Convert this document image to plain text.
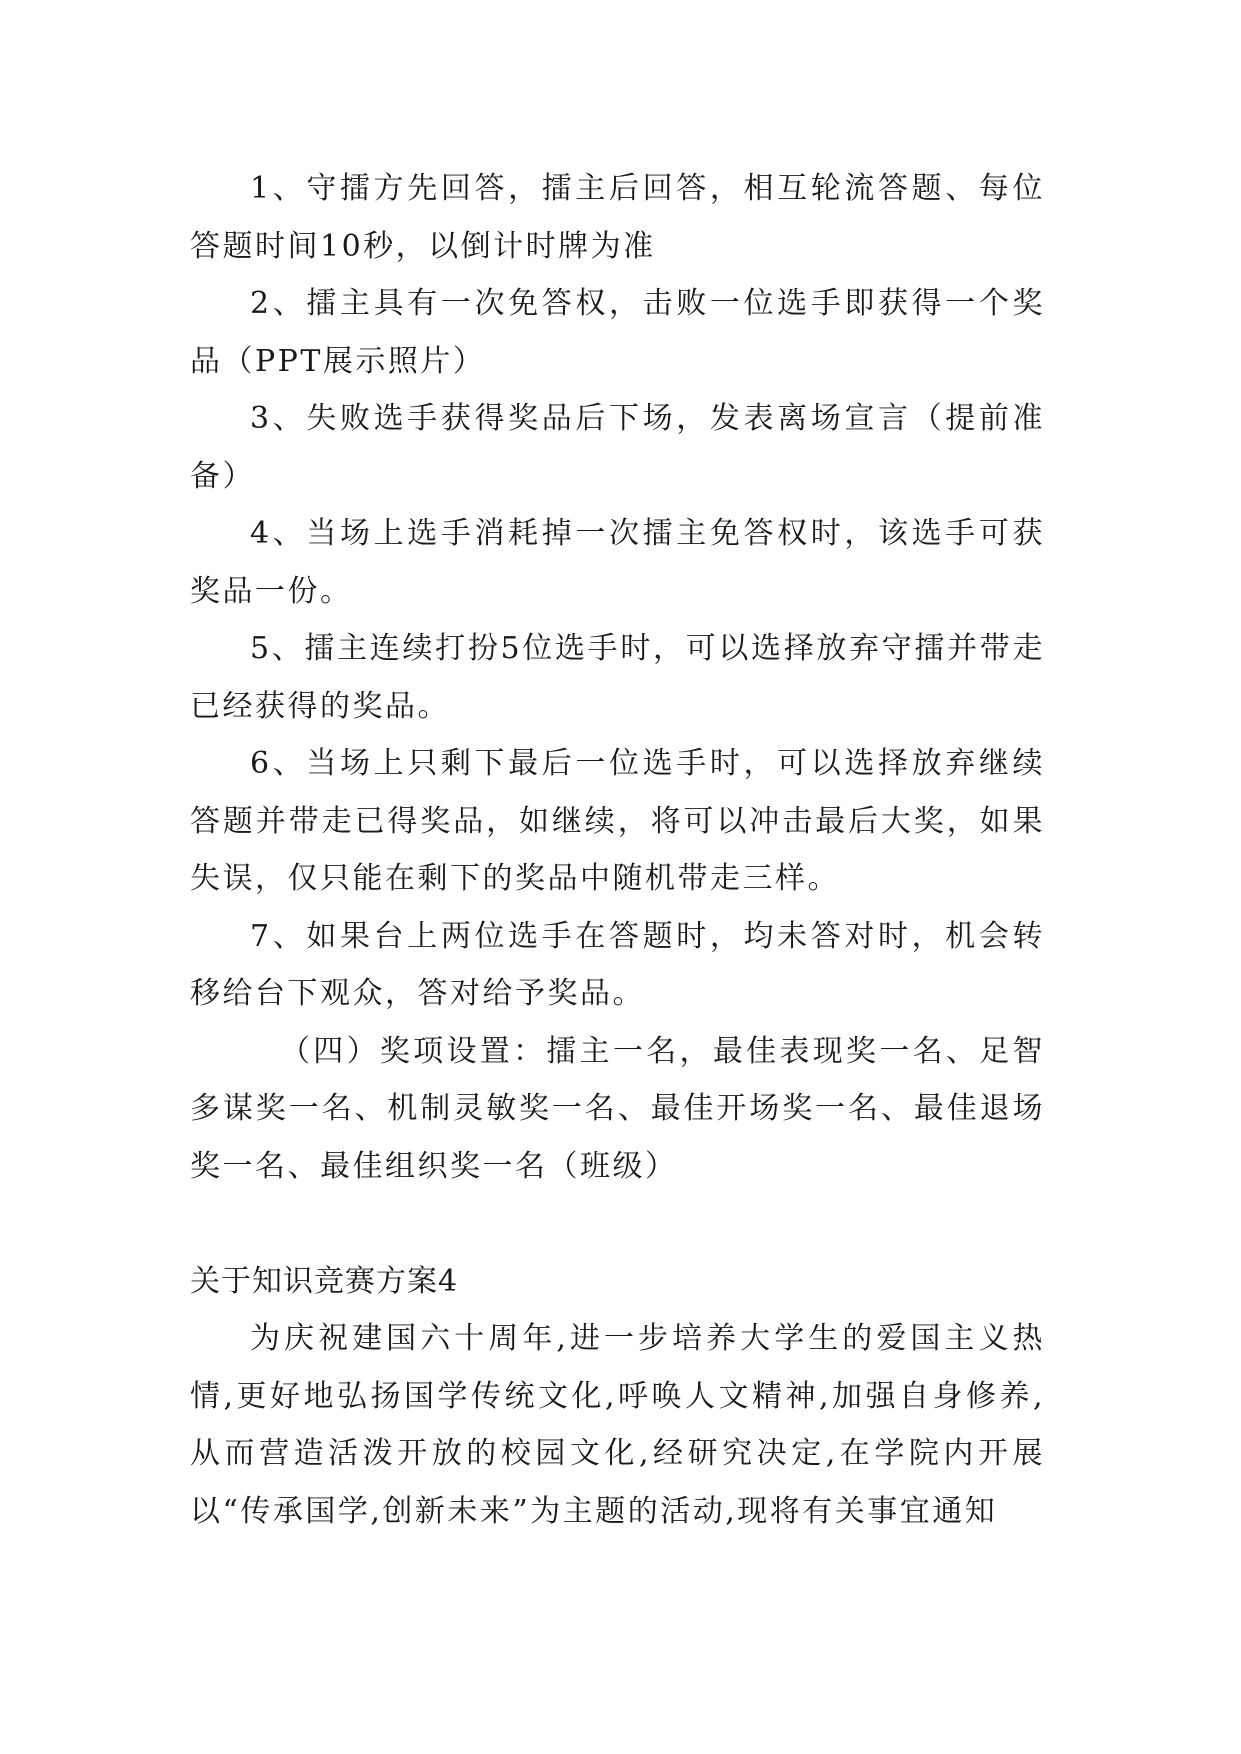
1、守擂方先回答，擂主后回答，相互轮流答题、每位答题时间10秒，以倒计时牌为准

2、擂主具有一次免答权，击败一位选手即获得一个奖品（PPT展示照片）

3、失败选手获得奖品后下场，发表离场宣言（提前准备）

4、当场上选手消耗掉一次擂主免答权时，该选手可获奖品一份。

5、擂主连续打扮5位选手时，可以选择放弃守擂并带走已经获得的奖品。

6、当场上只剩下最后一位选手时，可以选择放弃继续答题并带走已得奖品，如继续，将可以冲击最后大奖，如果失误，仅只能在剩下的奖品中随机带走三样。

7、如果台上两位选手在答题时，均未答对时，机会转移给台下观众，答对给予奖品。

（四）奖项设置：擂主一名，最佳表现奖一名、足智多谋奖一名、机制灵敏奖一名、最佳开场奖一名、最佳退场奖一名、最佳组织奖一名（班级）

关于知识竞赛方案4

为庆祝建国六十周年,进一步培养大学生的爱国主义热情,更好地弘扬国学传统文化,呼唤人文精神,加强自身修养,从而营造活泼开放的校园文化,经研究决定,在学院内开展以“传承国学,创新未来”为主题的活动,现将有关事宜通知
